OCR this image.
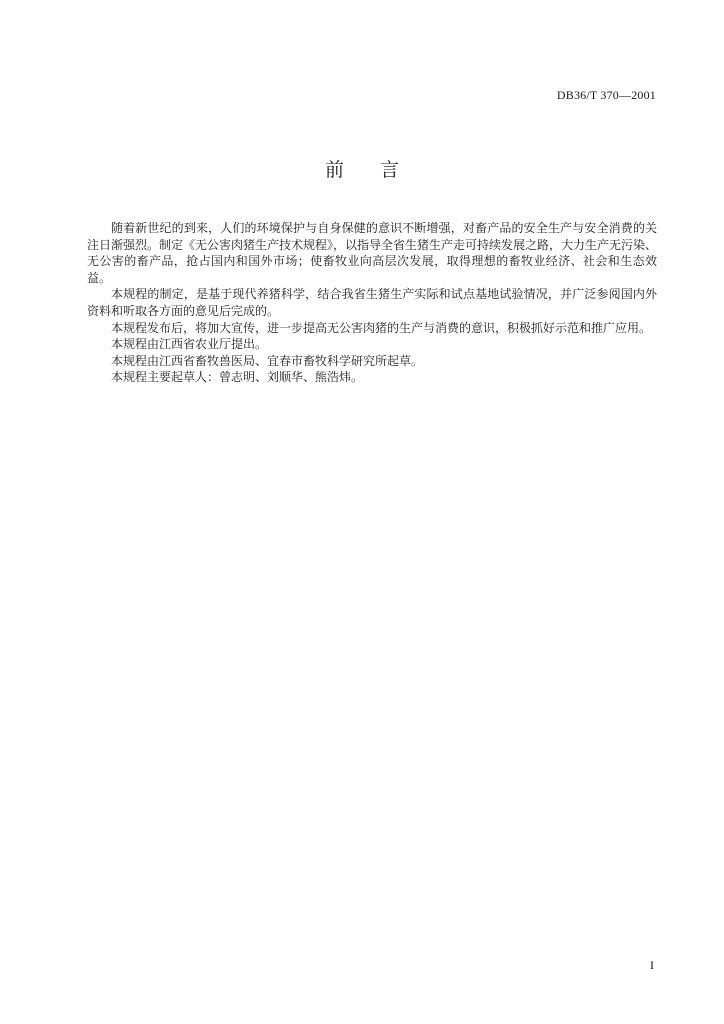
DB36/T 370—2001
前言

随着新世纪的到来，人们的环境保护与自身保健的意识不断增强，对畜产品的安全生产与安全消费的关注日渐强烈。制定《无公害肉猪生产技术规程》，以指导全省生猪生产走可持续发展之路，大力生产无污染、无公害的畜产品，抢占国内和国外市场；使畜牧业向高层次发展，取得理想的畜牧业经济、社会和生态效益。

本规程的制定，是基于现代养猪科学，结合我省生猪生产实际和试点基地试验情况，并广泛参阅国内外资料和听取各方面的意见后完成的。

本规程发布后，将加大宣传，进一步提高无公害肉猪的生产与消费的意识，积极抓好示范和推广应用。

本规程由江西省农业厅提出。

本规程由江西省畜牧兽医局、宜春市畜牧科学研究所起草。

本规程主要起草人：曾志明、刘顺华、熊浩炜。

I
